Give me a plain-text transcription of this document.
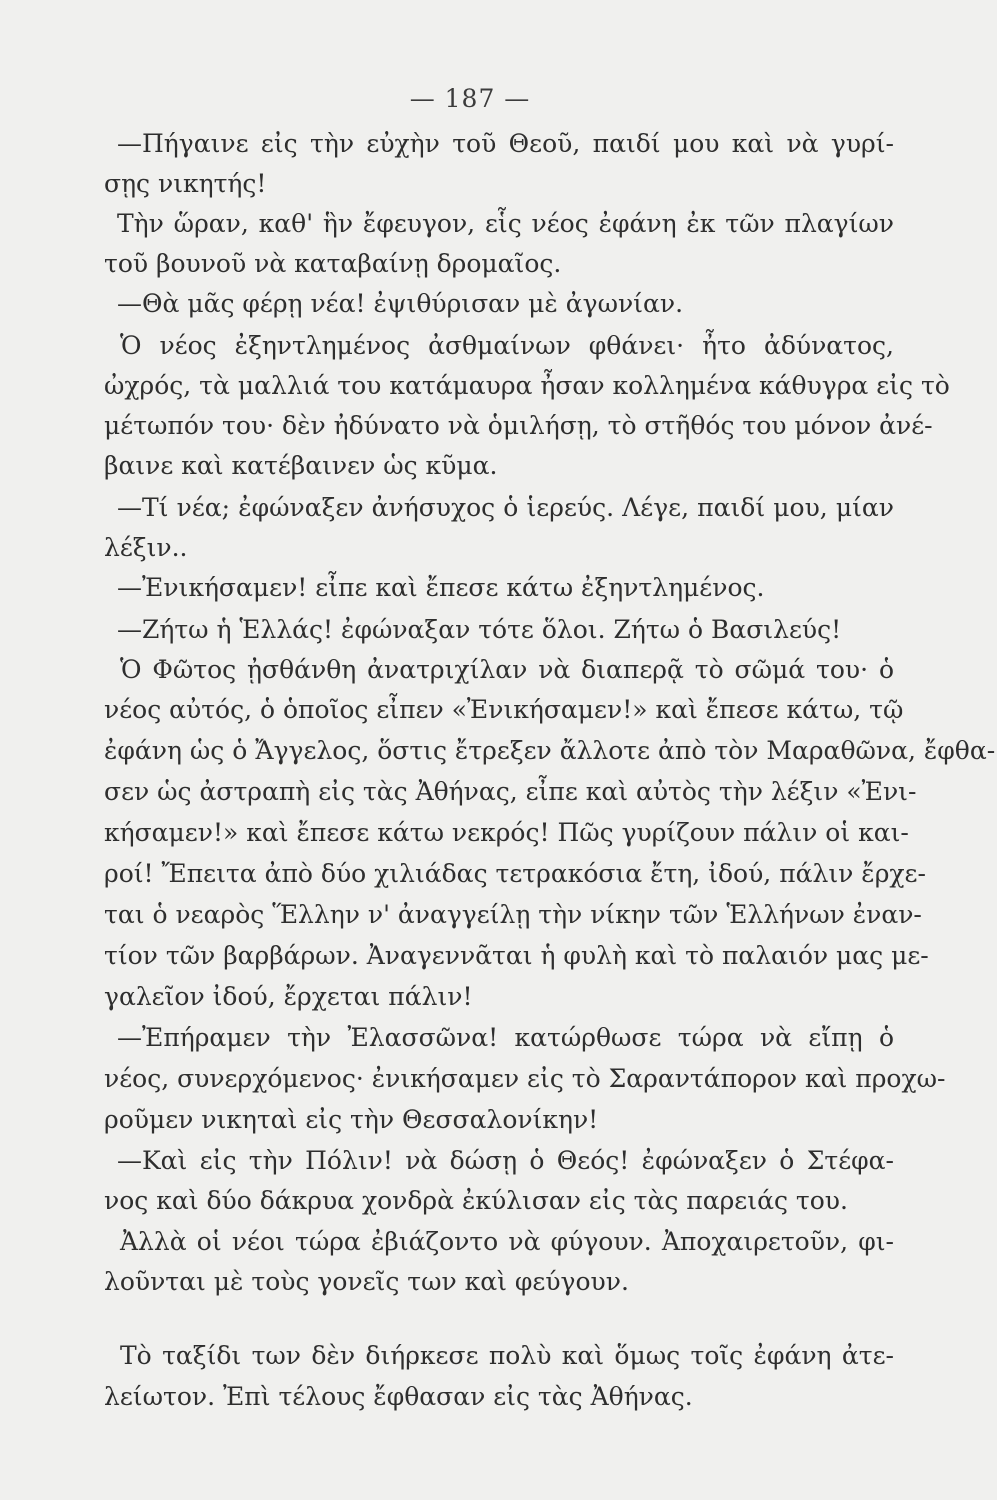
— 187 —
—Πήγαινε εἰς τὴν εὐχὴν τοῦ Θεοῦ, παιδί μου καὶ νὰ γυρί-
σῃς νικητής!
Τὴν ὥραν, καθ' ἣν ἔφευγον, εἷς νέος ἐφάνη ἐκ τῶν πλαγίων
τοῦ βουνοῦ νὰ καταβαίνῃ δρομαῖος.
—Θὰ μᾶς φέρῃ νέα! ἐψιθύρισαν μὲ ἀγωνίαν.
Ὁ νέος ἐξηντλημένος ἀσθμαίνων φθάνει· ἦτο ἀδύνατος,
ὠχρός, τὰ μαλλιά του κατάμαυρα ἦσαν κολλημένα κάθυγρα εἰς τὸ
μέτωπόν του· δὲν ἠδύνατο νὰ ὁμιλήσῃ, τὸ στῆθός του μόνον ἀνέ-
βαινε καὶ κατέβαινεν ὡς κῦμα.
—Τί νέα; ἐφώναξεν ἀνήσυχος ὁ ἱερεύς. Λέγε, παιδί μου, μίαν
λέξιν..
—Ἐνικήσαμεν! εἶπε καὶ ἔπεσε κάτω ἐξηντλημένος.
—Ζήτω ἡ Ἑλλάς! ἐφώναξαν τότε ὅλοι. Ζήτω ὁ Βασιλεύς!
Ὁ Φῶτος ᾐσθάνθη ἀνατριχίλαν νὰ διαπερᾷ τὸ σῶμά του· ὁ
νέος αὐτός, ὁ ὁποῖος εἶπεν «Ἐνικήσαμεν!» καὶ ἔπεσε κάτω, τῷ
ἐφάνη ὡς ὁ Ἄγγελος, ὅστις ἔτρεξεν ἄλλοτε ἀπὸ τὸν Μαραθῶνα, ἔφθα-
σεν ὡς ἀστραπὴ εἰς τὰς Ἀθήνας, εἶπε καὶ αὐτὸς τὴν λέξιν «Ἐνι-
κήσαμεν!» καὶ ἔπεσε κάτω νεκρός! Πῶς γυρίζουν πάλιν οἱ και-
ροί! Ἔπειτα ἀπὸ δύο χιλιάδας τετρακόσια ἔτη, ἰδού, πάλιν ἔρχε-
ται ὁ νεαρὸς Ἕλλην ν' ἀναγγείλῃ τὴν νίκην τῶν Ἑλλήνων ἐναν-
τίον τῶν βαρβάρων. Ἀναγεννᾶται ἡ φυλὴ καὶ τὸ παλαιόν μας με-
γαλεῖον ἰδού, ἔρχεται πάλιν!
—Ἐπήραμεν τὴν Ἐλασσῶνα! κατώρθωσε τώρα νὰ εἴπῃ ὁ
νέος, συνερχόμενος· ἐνικήσαμεν εἰς τὸ Σαραντάπορον καὶ προχω-
ροῦμεν νικηταὶ εἰς τὴν Θεσσαλονίκην!
—Καὶ εἰς τὴν Πόλιν! νὰ δώσῃ ὁ Θεός! ἐφώναξεν ὁ Στέφα-
νος καὶ δύο δάκρυα χονδρὰ ἐκύλισαν εἰς τὰς παρειάς του.
Ἀλλὰ οἱ νέοι τώρα ἐβιάζοντο νὰ φύγουν. Ἀποχαιρετοῦν, φι-
λοῦνται μὲ τοὺς γονεῖς των καὶ φεύγουν.
Τὸ ταξίδι των δὲν διήρκεσε πολὺ καὶ ὅμως τοῖς ἐφάνη ἀτε-
λείωτον. Ἐπὶ τέλους ἔφθασαν εἰς τὰς Ἀθήνας.
